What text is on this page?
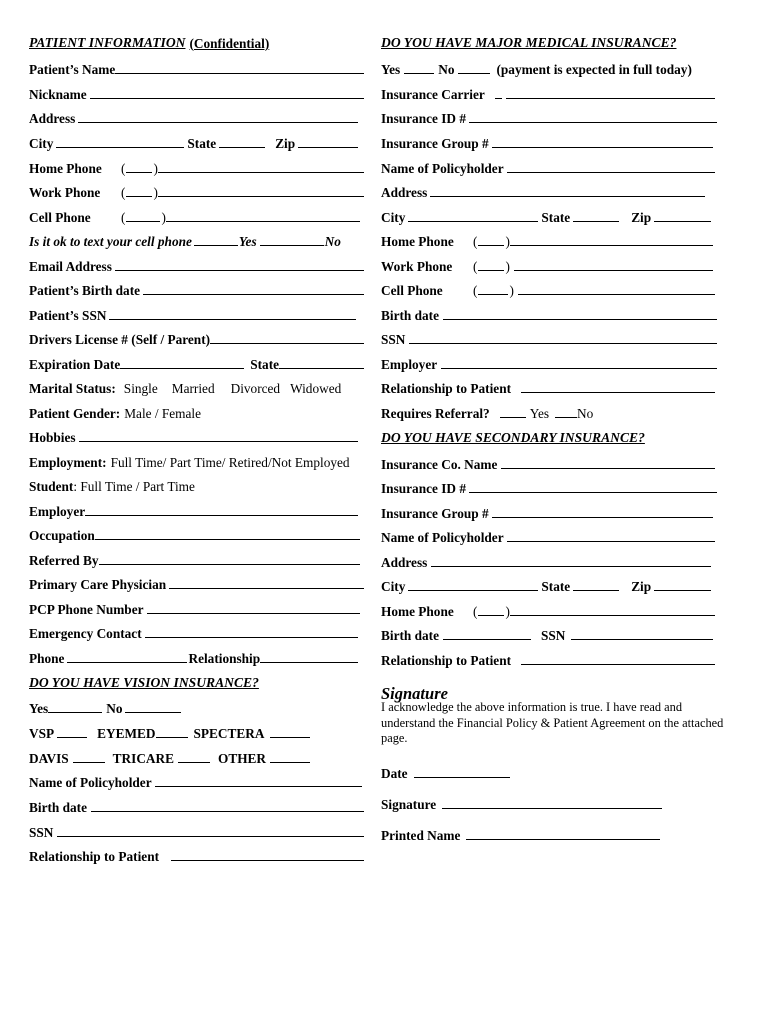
PATIENT INFORMATION (Confidential)
Patient’s Name
Nickname
Address
City	State	Zip
Home Phone	( )
Work Phone	( )
Cell Phone	(	)
Is it ok to text your cell phone	Yes	No
Email Address
Patient’s Birth date
Patient’s SSN
Drivers License # (Self / Parent)
Expiration Date	State
Marital Status: Single Married Divorced Widowed
Patient Gender: Male / Female
Hobbies
Employment: Full Time/ Part Time/ Retired/Not Employed
Student : Full Time / Part Time
Employer
Occupation
Referred By
Primary Care Physician
PCP Phone Number
Emergency Contact
Phone	Relationship
DO YOU HAVE VISION INSURANCE?
Yes	No
VSP	EYEMED	SPECTERA
DAVIS	TRICARE	OTHER
Name of Policyholder
Birth date
SSN
Relationship to Patient
DO YOU HAVE MAJOR MEDICAL INSURANCE?
Yes	No	(payment is expected in full today)
Insurance Carrier
Insurance ID #
Insurance Group #
Name of Policyholder
Address
City	State	Zip
Home Phone	( )
Work Phone	( )
Cell Phone	( )
Birth date
SSN
Employer
Relationship to Patient
Requires Referral?	Yes No
DO YOU HAVE SECONDARY INSURANCE?
Insurance Co. Name
Insurance ID #
Insurance Group #
Name of Policyholder
Address
City	State	Zip
Home Phone	( )
Birth date	SSN
Relationship to Patient
Signature
I acknowledge the above information is true. I have read and understand the Financial Policy & Patient Agreement on the attached page.
Date
Signature
Printed Name
